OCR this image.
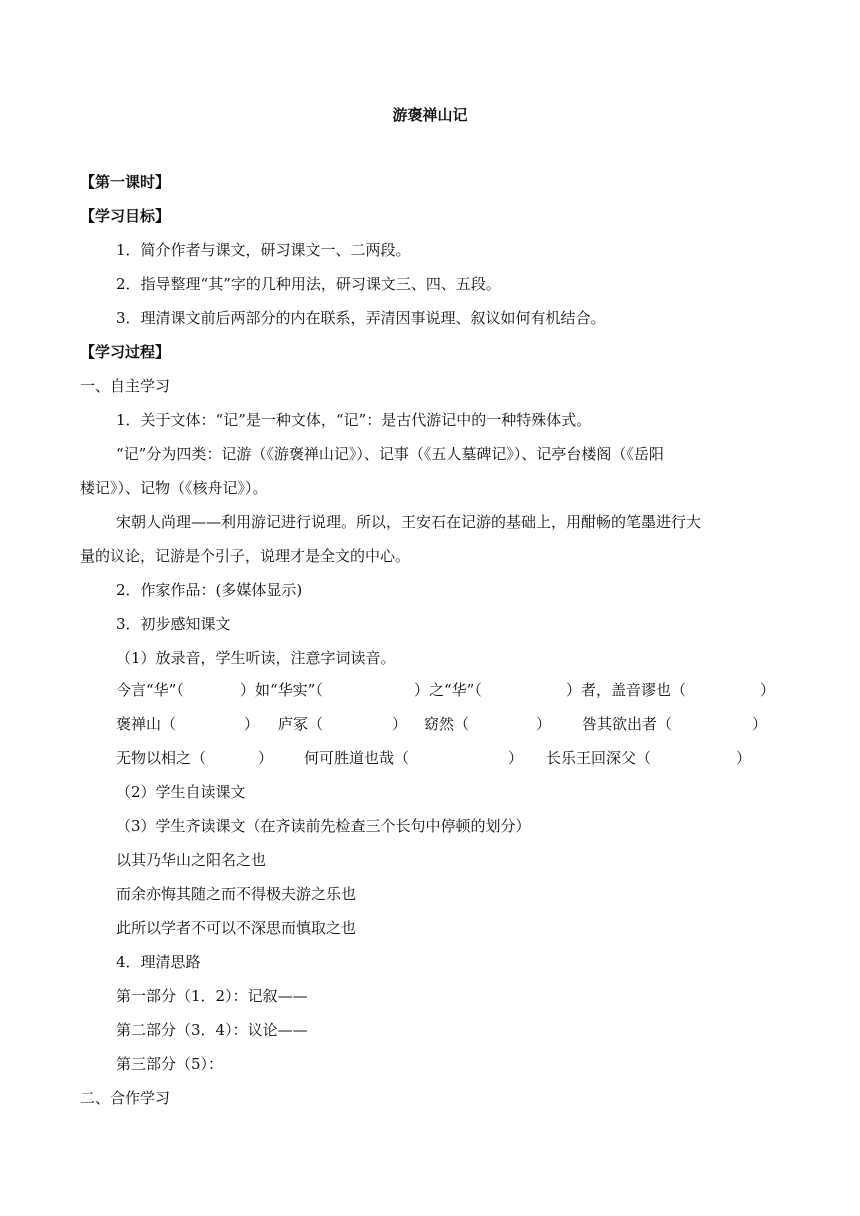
游褒禅山记
【第一课时】
【学习目标】
1．简介作者与课文，研习课文一、二两段。
2．指导整理“其”字的几种用法，研习课文三、四、五段。
3．理清课文前后两部分的内在联系，弄清因事说理、叙议如何有机结合。
【学习过程】
一、自主学习
1．关于文体：“记”是一种文体，“记”：是古代游记中的一种特殊体式。
“记”分为四类：记游（《游褒禅山记》）、记事（《五人墓碑记》）、记亭台楼阁（《岳阳
楼记》）、记物（《核舟记》）。
宋朝人尚理——利用游记进行说理。所以，王安石在记游的基础上，用酣畅的笔墨进行大
量的议论，记游是个引子，说理才是全文的中心。
2．作家作品：(多媒体显示)
3．初步感知课文
（1）放录音，学生听读，注意字词读音。
今言“华”（	）如“华实”（	）之“华”（	）者，盖音谬也（	）
褒禅山（	） 庐冢（	） 窈然（	） 咎其欲出者（	）
无物以相之（	） 何可胜道也哉（	） 长乐王回深父（	）
（2）学生自读课文
（3）学生齐读课文（在齐读前先检查三个长句中停顿的划分）
以其乃华山之阳名之也
而余亦悔其随之而不得极夫游之乐也
此所以学者不可以不深思而慎取之也
4．理清思路
第一部分（1．2）：记叙——
第二部分（3．4）：议论——
第三部分（5）：
二、合作学习
